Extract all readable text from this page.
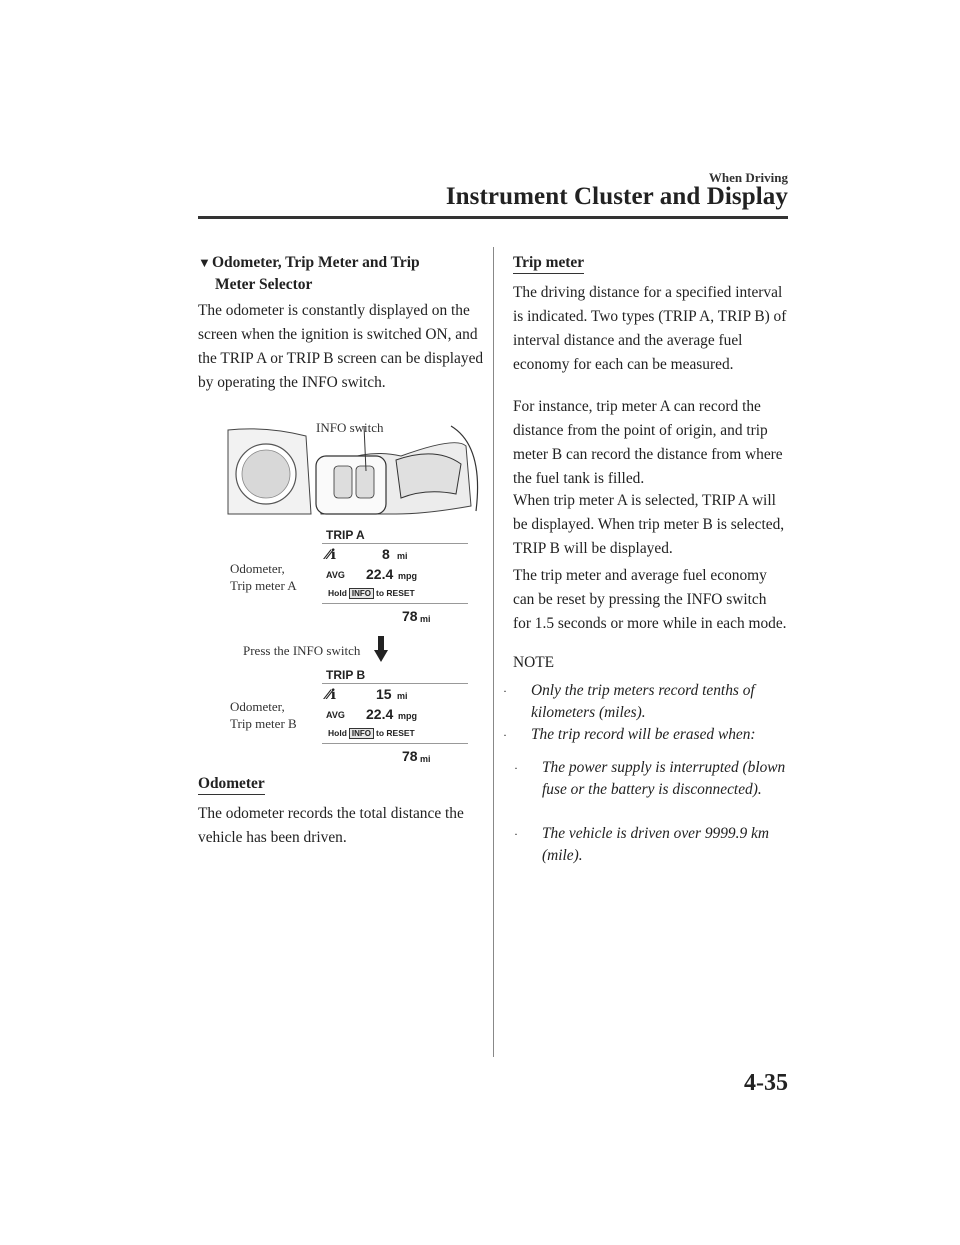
When Driving
Instrument Cluster and Display
▼Odometer, Trip Meter and Trip
Meter Selector
The odometer is constantly displayed on the screen when the ignition is switched ON, and the TRIP A or TRIP B screen can be displayed by operating the INFO switch.
INFO switch
Odometer,
Trip meter A
TRIP A
⁄⁄ℹ	8 mi
AVG 22.4 mpg
Hold INFO to RESET
78 mi
Press the INFO switch
Odometer,
Trip meter B
TRIP B
⁄⁄ℹ	15 mi
AVG 22.4 mpg
Hold INFO to RESET
78 mi
Odometer
The odometer records the total distance the vehicle has been driven.
Trip meter
The driving distance for a specified interval is indicated. Two types (TRIP A, TRIP B) of interval distance and the average fuel economy for each can be measured.
For instance, trip meter A can record the distance from the point of origin, and trip meter B can record the distance from where the fuel tank is filled.
When trip meter A is selected, TRIP A will be displayed. When trip meter B is selected, TRIP B will be displayed.
The trip meter and average fuel economy can be reset by pressing the INFO switch for 1.5 seconds or more while in each mode.
NOTE
· Only the trip meters record tenths of kilometers (miles).
· The trip record will be erased when:
· The power supply is interrupted (blown fuse or the battery is disconnected).
· The vehicle is driven over 9999.9 km (mile).
4-35
